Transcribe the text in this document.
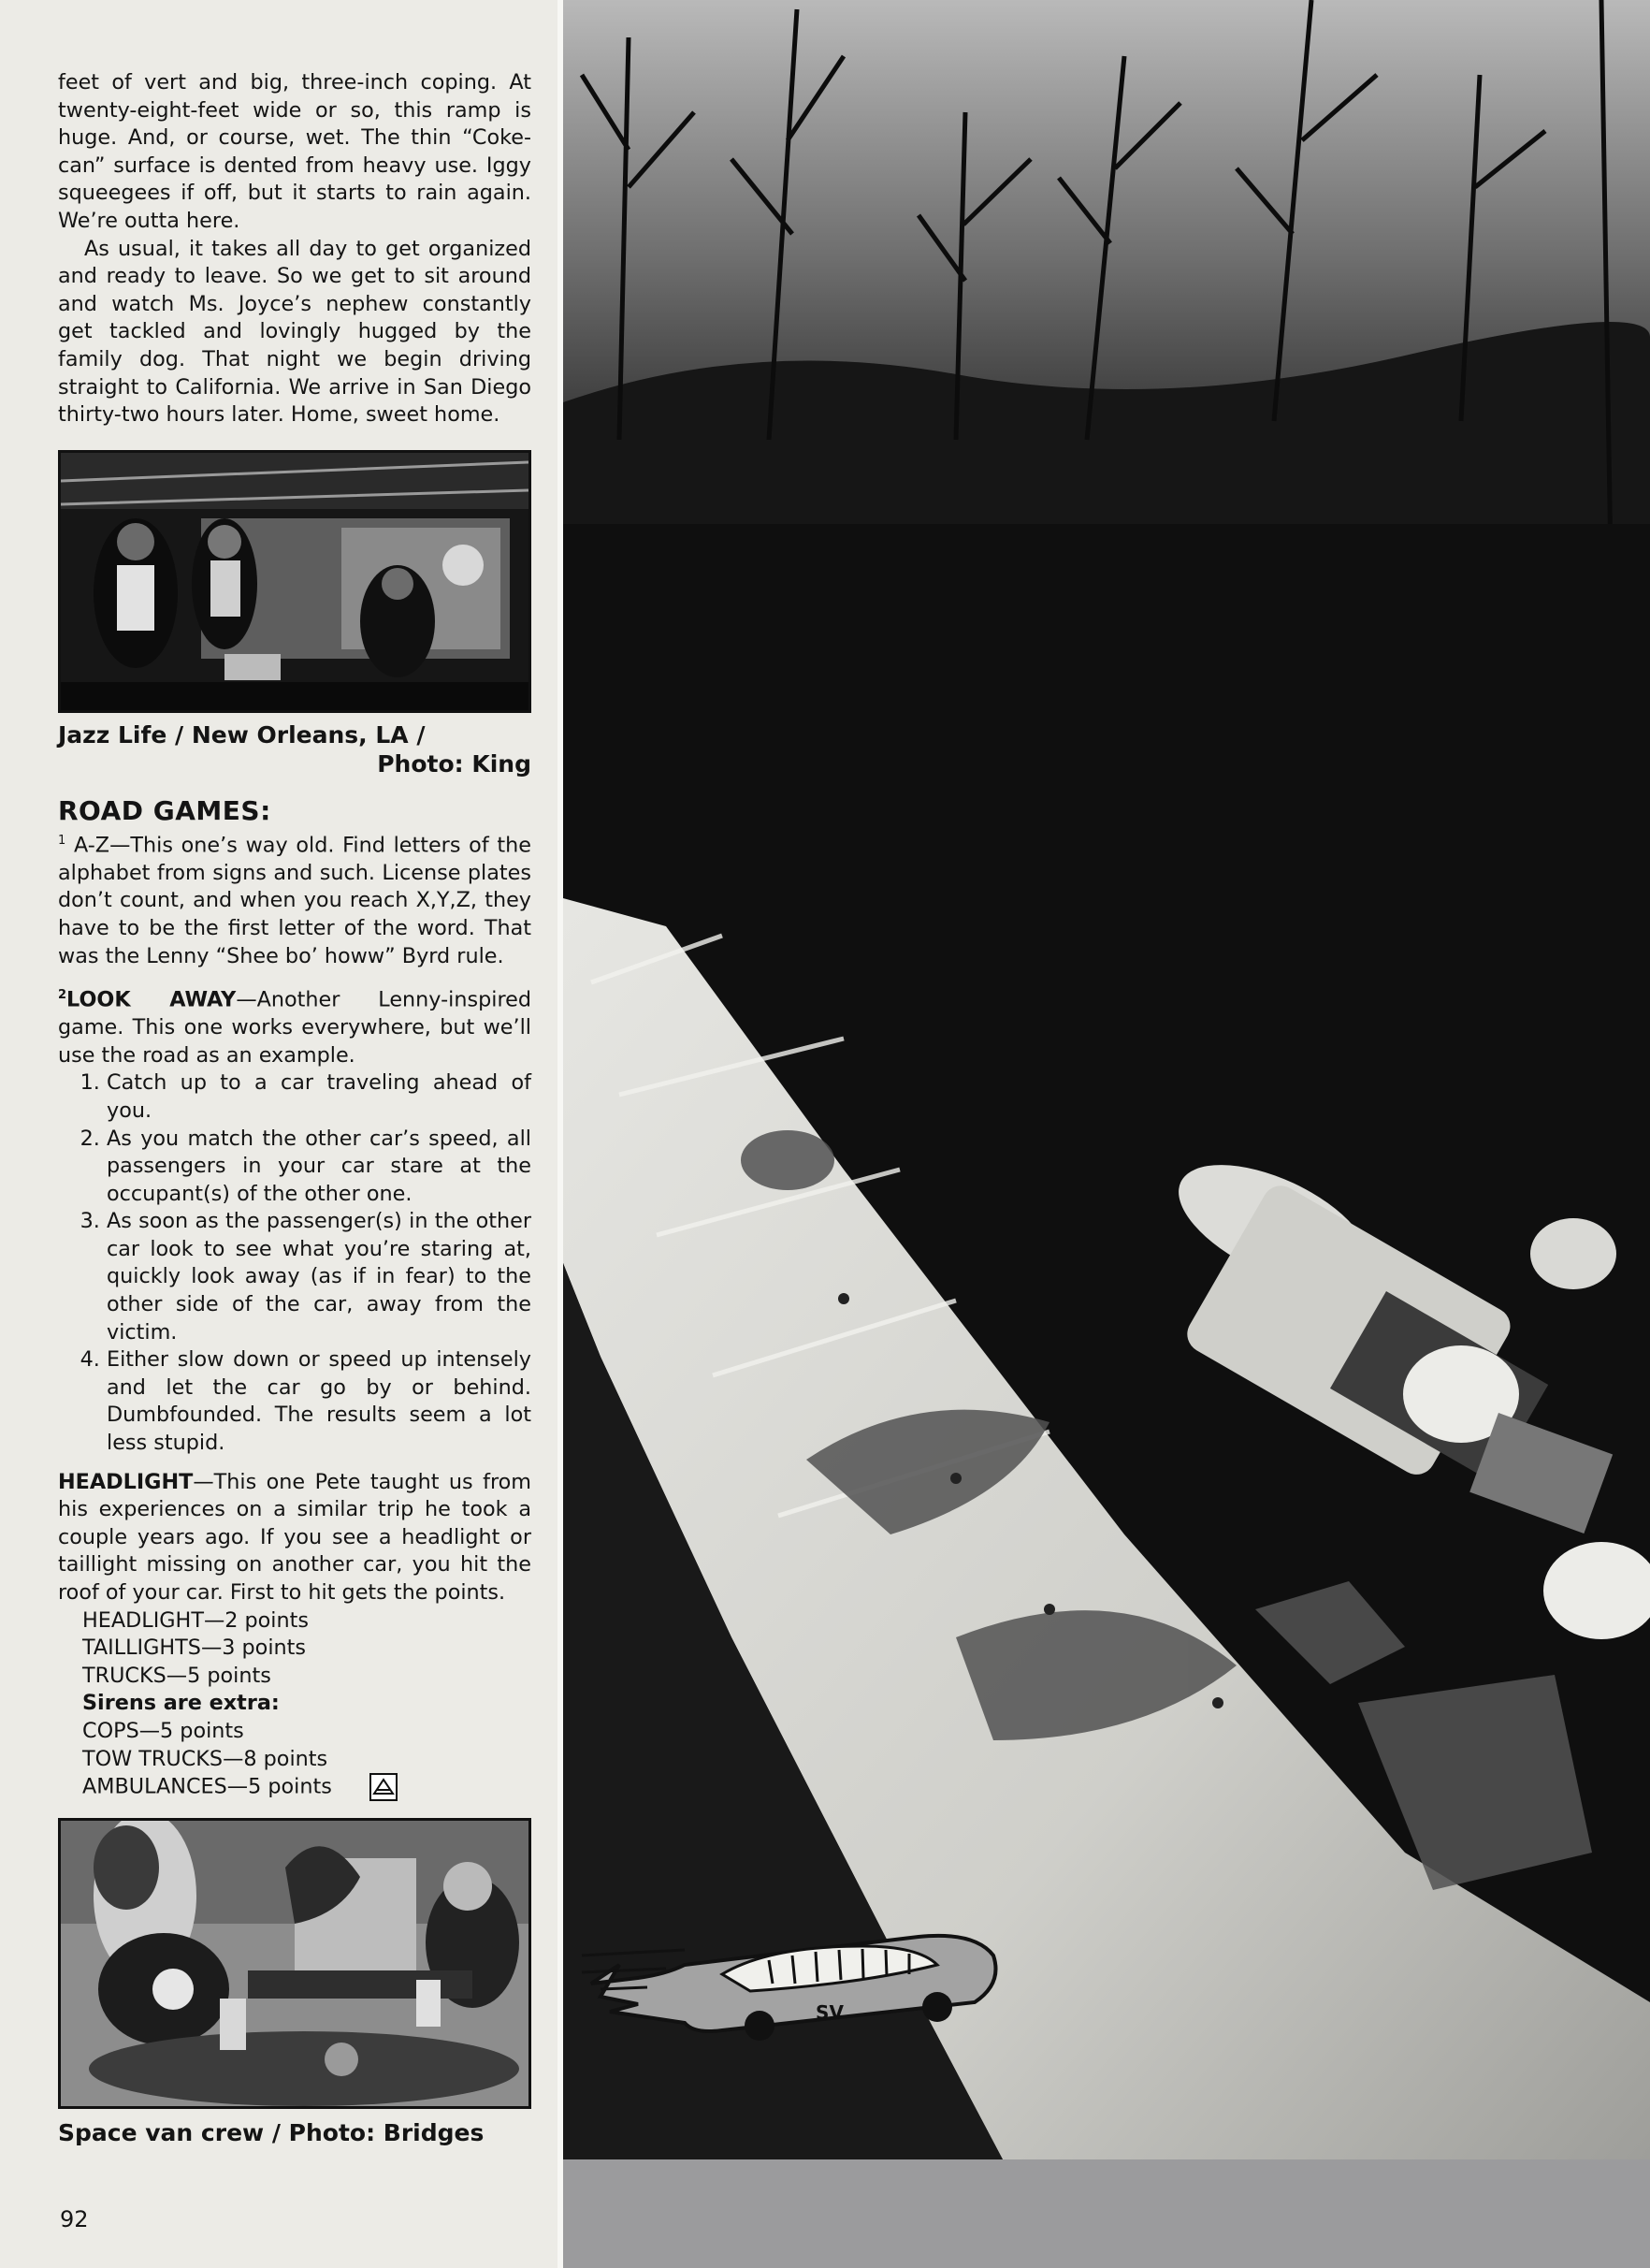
feet of vert and big, three-inch coping. At twenty-eight-feet wide or so, this ramp is huge. And, or course, wet. The thin “Coke-can” surface is dented from heavy use. Iggy squeegees if off, but it starts to rain again. We’re outta here.

As usual, it takes all day to get organized and ready to leave. So we get to sit around and watch Ms. Joyce’s nephew constantly get tackled and lovingly hugged by the family dog. That night we begin driving straight to California. We arrive in San Diego thirty-two hours later. Home, sweet home.

Jazz Life / New Orleans, LA /
Photo: King
ROAD GAMES:

$^1$ A-Z—This one’s way old. Find letters of the alphabet from signs and such. License plates don’t count, and when you reach X,Y,Z, they have to be the first letter of the word. That was the Lenny “Shee bo’ howw” Byrd rule.

$^2$LOOK AWAY—Another Lenny-inspired game. This one works everywhere, but we’ll use the road as an example.

1. Catch up to a car traveling ahead of you.
2. As you match the other car’s speed, all passengers in your car stare at the occupant(s) of the other one.
3. As soon as the passenger(s) in the other car look to see what you’re staring at, quickly look away (as if in fear) to the other side of the car, away from the victim.
4. Either slow down or speed up intensely and let the car go by or behind. Dumbfounded. The results seem a lot less stupid.

HEADLIGHT—This one Pete taught us from his experiences on a similar trip he took a couple years ago. If you see a headlight or taillight missing on another car, you hit the roof of your car. First to hit gets the points.

HEADLIGHT—2 points
TAILLIGHTS—3 points
TRUCKS—5 points
Sirens are extra:
COPS—5 points
TOW TRUCKS—8 points
AMBULANCES—5 points
Space van crew / Photo: Bridges
92
SV
